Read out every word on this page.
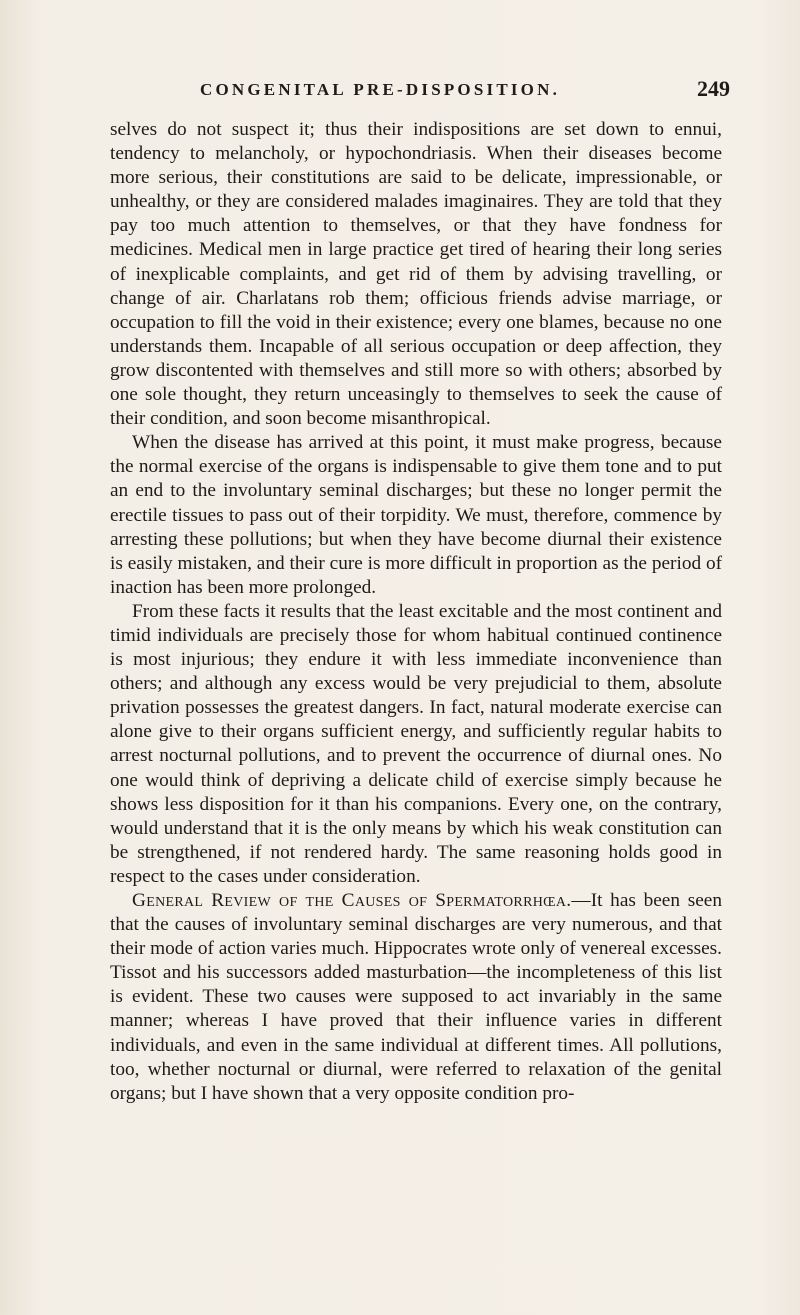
CONGENITAL PRE-DISPOSITION.	249

selves do not suspect it; thus their indispositions are set down to ennui, tendency to melancholy, or hypochondriasis. When their diseases become more serious, their constitutions are said to be delicate, impressionable, or unhealthy, or they are considered malades imaginaires. They are told that they pay too much attention to themselves, or that they have fondness for medicines. Medical men in large practice get tired of hearing their long series of inexplicable complaints, and get rid of them by advising travelling, or change of air. Charlatans rob them; officious friends advise marriage, or occupation to fill the void in their existence; every one blames, because no one understands them. Incapable of all serious occupation or deep affection, they grow discontented with themselves and still more so with others; absorbed by one sole thought, they return unceasingly to themselves to seek the cause of their condition, and soon become misanthropical.

When the disease has arrived at this point, it must make progress, because the normal exercise of the organs is indispensable to give them tone and to put an end to the involuntary seminal discharges; but these no longer permit the erectile tissues to pass out of their torpidity. We must, therefore, commence by arresting these pollutions; but when they have become diurnal their existence is easily mistaken, and their cure is more difficult in proportion as the period of inaction has been more prolonged.

From these facts it results that the least excitable and the most continent and timid individuals are precisely those for whom habitual continued continence is most injurious; they endure it with less immediate inconvenience than others; and although any excess would be very prejudicial to them, absolute privation possesses the greatest dangers. In fact, natural moderate exercise can alone give to their organs sufficient energy, and sufficiently regular habits to arrest nocturnal pollutions, and to prevent the occurrence of diurnal ones. No one would think of depriving a delicate child of exercise simply because he shows less disposition for it than his companions. Every one, on the contrary, would understand that it is the only means by which his weak constitution can be strengthened, if not rendered hardy. The same reasoning holds good in respect to the cases under consideration.

General Review of the Causes of Spermatorrhœa.—It has been seen that the causes of involuntary seminal discharges are very numerous, and that their mode of action varies much. Hippocrates wrote only of venereal excesses. Tissot and his successors added masturbation—the incompleteness of this list is evident. These two causes were supposed to act invariably in the same manner; whereas I have proved that their influence varies in different individuals, and even in the same individual at different times. All pollutions, too, whether nocturnal or diurnal, were referred to relaxation of the genital organs; but I have shown that a very opposite condition pro-
